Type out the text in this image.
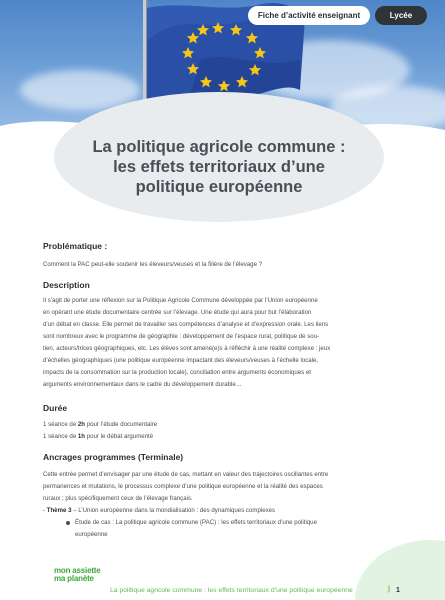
Fiche d’activité enseignant	Lycée
La politique agricole commune :
les effets territoriaux d’une
politique européenne
Problématique :
Comment la PAC peut-elle soutenir les éleveurs/veuses et la filière de l’élevage ?
Description
Il s’agit de porter une réflexion sur la Politique Agricole Commune développée par l’Union européenne
en opérant une étude documentaire centrée sur l’élevage. Une étude qui aura pour but l’élaboration
d’un débat en classe. Elle permet de travailler ses compétences d’analyse et d’expression orale. Les liens
sont nombreux avec le programme de géographie : développement de l’espace rural, politique de sou-
tien, acteurs/trices géographiques, etc. Les élèves sont amené(e)s à réfléchir à une réalité complexe : jeux
d’échelles géographiques (une politique européenne impactant des éleveurs/veuses à l’échelle locale,
impacts de la consommation sur la production locale), conciliation entre arguments économiques et
arguments environnementaux dans le cadre du développement durable…
Durée
1 séance de 2h pour l’étude documentaire
1 séance de 1h pour le débat argumenté
Ancrages programmes (Terminale)
Cette entrée permet d’envisager par une étude de cas, mettant en valeur des trajectoires oscillantes entre
permanences et mutations, le processus complexe d’une politique européenne et la réalité des espaces
ruraux ; plus spécifiquement ceux de l’élevage français.
- Thème 3 – L’Union européenne dans la mondialisation : des dynamiques complexes
Étude de cas : La politique agricole commune (PAC) : les effets territoriaux d’une politique
européenne
mon assiette
ma planète
La politique agricole commune : les effets territoriaux d’une politique européenne	| 1
